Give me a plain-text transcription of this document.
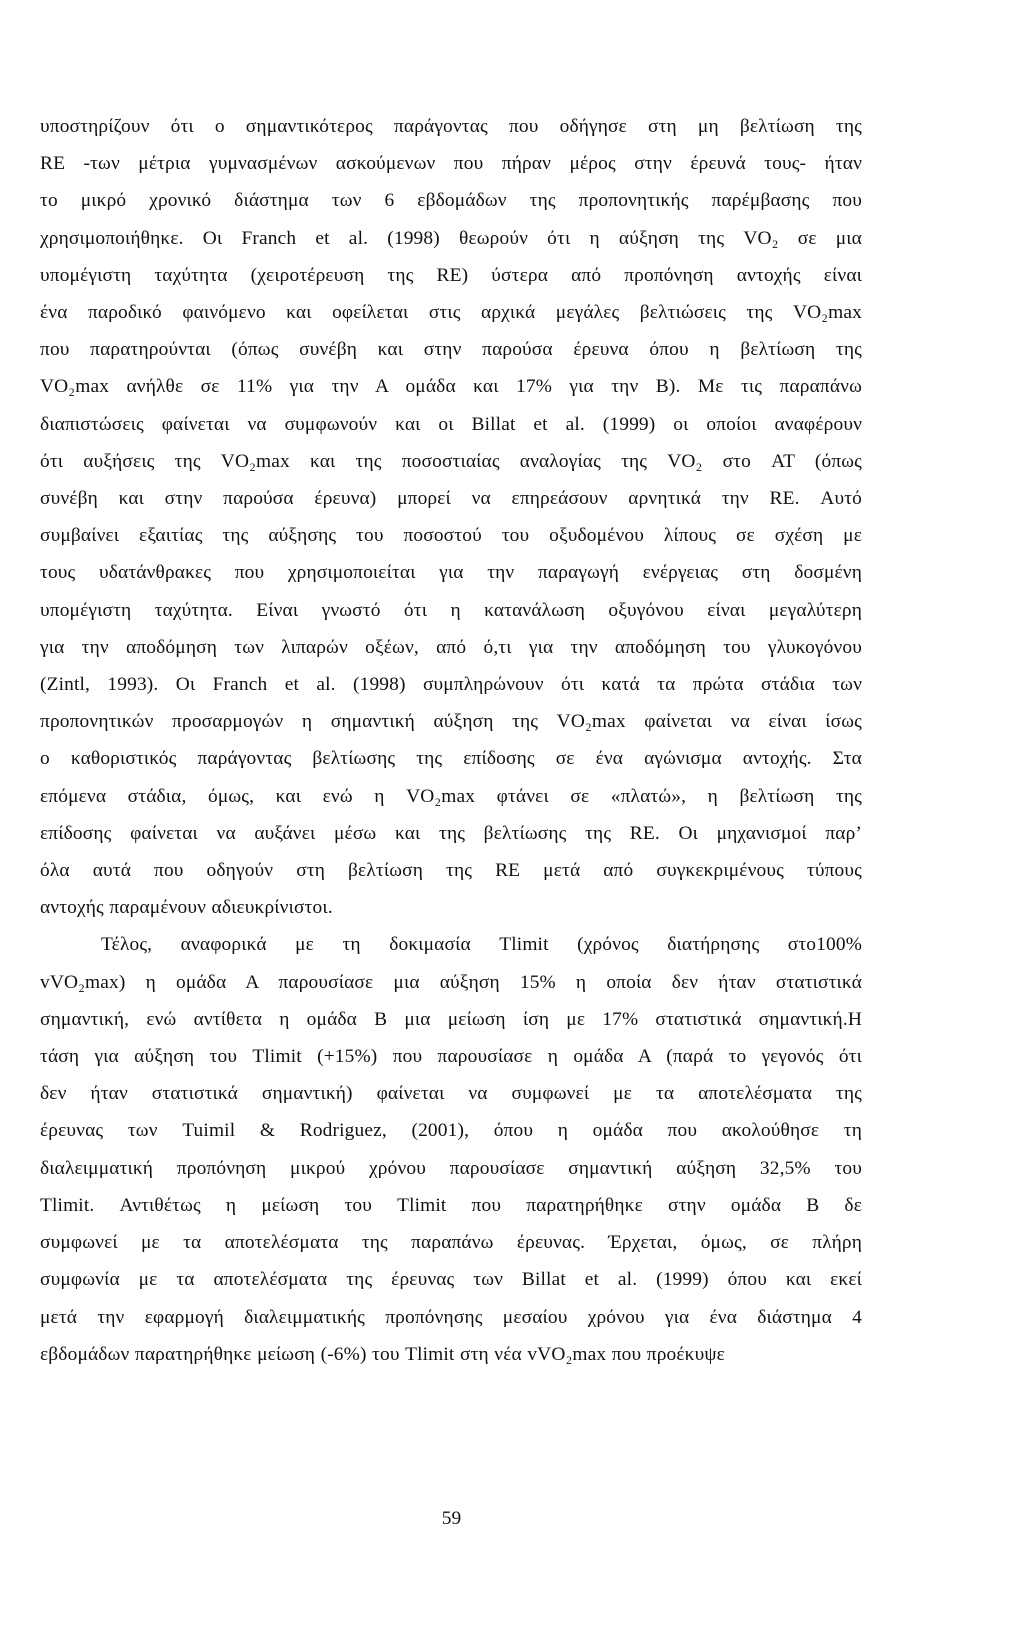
υποστηρίζουν ότι ο σημαντικότερος παράγοντας που οδήγησε στη μη βελτίωση της
RE -των μέτρια γυμνασμένων ασκούμενων που πήραν μέρος στην έρευνά τους- ήταν
το μικρό χρονικό διάστημα των 6 εβδομάδων της προπονητικής παρέμβασης που
χρησιμοποιήθηκε. Οι Franch et al. (1998) θεωρούν ότι η αύξηση της VO₂ σε μια
υπομέγιστη ταχύτητα (χειροτέρευση της RE) ύστερα από προπόνηση αντοχής είναι
ένα παροδικό φαινόμενο και οφείλεται στις αρχικά μεγάλες βελτιώσεις της VO₂max
που παρατηρούνται (όπως συνέβη και στην παρούσα έρευνα όπου η βελτίωση της
VO₂max ανήλθε σε 11% για την Α ομάδα και 17% για την Β). Με τις παραπάνω
διαπιστώσεις φαίνεται να συμφωνούν και οι Billat et al. (1999) οι οποίοι αναφέρουν
ότι αυξήσεις της VO₂max και της ποσοστιαίας αναλογίας της VO₂ στο AT (όπως
συνέβη και στην παρούσα έρευνα) μπορεί να επηρεάσουν αρνητικά την RE. Αυτό
συμβαίνει εξαιτίας της αύξησης του ποσοστού του οξυδομένου λίπους σε σχέση με
τους υδατάνθρακες που χρησιμοποιείται για την παραγωγή ενέργειας στη δοσμένη
υπομέγιστη ταχύτητα. Είναι γνωστό ότι η κατανάλωση οξυγόνου είναι μεγαλύτερη
για την αποδόμηση των λιπαρών οξέων, από ό,τι για την αποδόμηση του γλυκογόνου
(Zintl, 1993). Οι Franch et al. (1998) συμπληρώνουν ότι κατά τα πρώτα στάδια των
προπονητικών προσαρμογών η σημαντική αύξηση της VO₂max φαίνεται να είναι ίσως
ο καθοριστικός παράγοντας βελτίωσης της επίδοσης σε ένα αγώνισμα αντοχής. Στα
επόμενα στάδια, όμως, και ενώ η VO₂max φτάνει σε «πλατώ», η βελτίωση της
επίδοσης φαίνεται να αυξάνει μέσω και της βελτίωσης της RE. Οι μηχανισμοί παρ’
όλα αυτά που οδηγούν στη βελτίωση της RE μετά από συγκεκριμένους τύπους
αντοχής παραμένουν αδιευκρίνιστοι.
Τέλος, αναφορικά με τη δοκιμασία Tlimit (χρόνος διατήρησης στο100%
vVO₂max) η ομάδα Α παρουσίασε μια αύξηση 15% η οποία δεν ήταν στατιστικά
σημαντική, ενώ αντίθετα η ομάδα Β μια μείωση ίση με 17% στατιστικά σημαντική.Η
τάση για αύξηση του Tlimit (+15%) που παρουσίασε η ομάδα Α (παρά το γεγονός ότι
δεν ήταν στατιστικά σημαντική) φαίνεται να συμφωνεί με τα αποτελέσματα της
έρευνας των Tuimil & Rodriguez, (2001), όπου η ομάδα που ακολούθησε τη
διαλειμματική προπόνηση μικρού χρόνου παρουσίασε σημαντική αύξηση 32,5% του
Tlimit. Αντιθέτως η μείωση του Tlimit που παρατηρήθηκε στην ομάδα Β δε
συμφωνεί με τα αποτελέσματα της παραπάνω έρευνας. Έρχεται, όμως, σε πλήρη
συμφωνία με τα αποτελέσματα της έρευνας των Billat et al. (1999) όπου και εκεί
μετά την εφαρμογή διαλειμματικής προπόνησης μεσαίου χρόνου για ένα διάστημα 4
εβδομάδων παρατηρήθηκε μείωση (-6%) του Tlimit στη νέα vVO₂max που προέκυψε
59
